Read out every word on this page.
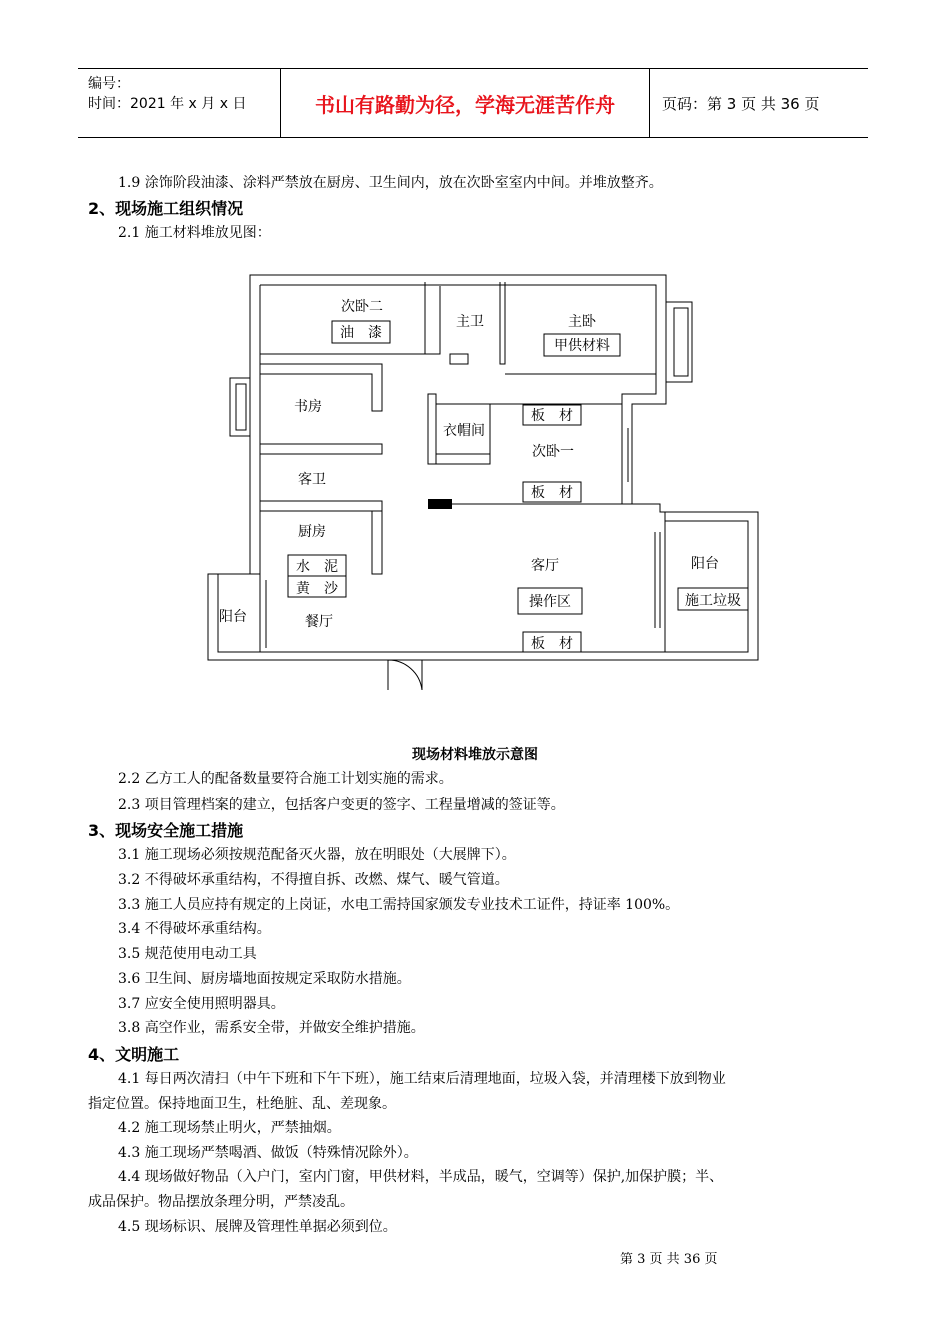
编号：
时间：2021 年 x 月 x 日	书山有路勤为径，学海无涯苦作舟	页码：第 3 页 共 36 页
1.9 涂饰阶段油漆、涂料严禁放在厨房、卫生间内，放在次卧室室内中间。并堆放整齐。
2、现场施工组织情况
2.1 施工材料堆放见图：
次卧二
油　漆
主卫	主卧
甲供材料
书房
衣帽间
板　材
次卧一
板　材
客卫
厨房
水　泥
黄　沙
客厅
操作区
板　材
阳台
施工垃圾
阳台	餐厅
现场材料堆放示意图
2.2 乙方工人的配备数量要符合施工计划实施的需求。
2.3 项目管理档案的建立，包括客户变更的签字、工程量增减的签证等。
3、现场安全施工措施
3.1 施工现场必须按规范配备灭火器，放在明眼处（大展牌下）。
3.2 不得破坏承重结构，不得擅自拆、改燃、煤气、暖气管道。
3.3 施工人员应持有规定的上岗证，水电工需持国家颁发专业技术工证件，持证率 100%。
3.4 不得破坏承重结构。
3.5 规范使用电动工具
3.6 卫生间、厨房墙地面按规定采取防水措施。
3.7 应安全使用照明器具。
3.8 高空作业，需系安全带，并做安全维护措施。
4、文明施工
4.1 每日两次清扫（中午下班和下午下班），施工结束后清理地面，垃圾入袋，并清理楼下放到物业
指定位置。保持地面卫生，杜绝脏、乱、差现象。
4.2 施工现场禁止明火，严禁抽烟。
4.3 施工现场严禁喝酒、做饭（特殊情况除外）。
4.4 现场做好物品（入户门，室内门窗，甲供材料，半成品，暖气，空调等）保护,加保护膜；半、
成品保护。物品摆放条理分明，严禁凌乱。
4.5 现场标识、展牌及管理性单据必须到位。
第 3 页 共 36 页
